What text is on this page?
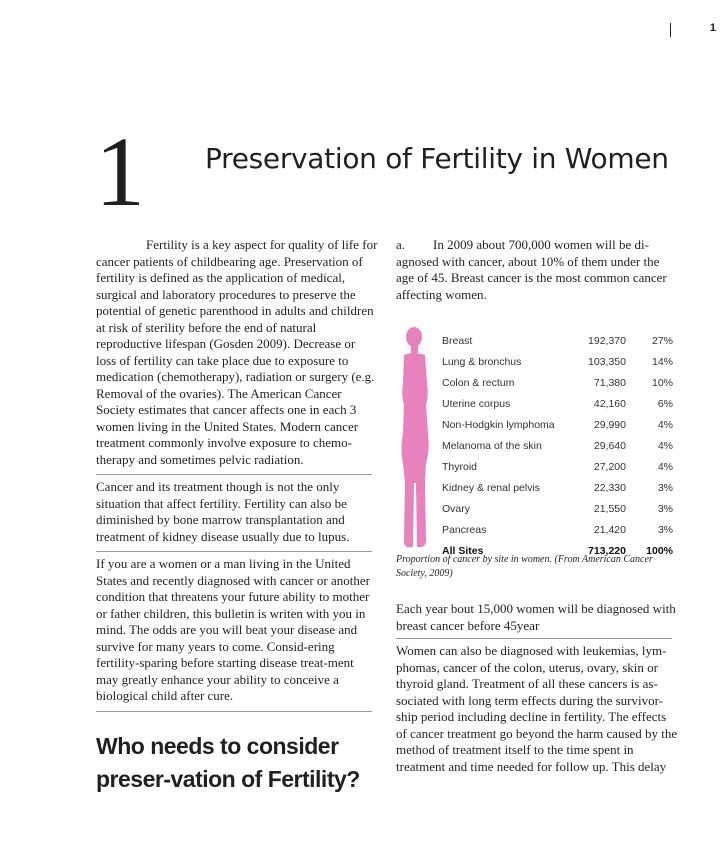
1
1 Preservation of Fertility in Women

Fertility is a key aspect for quality of life for cancer patients of childbearing age. Preservation of fertility is defined as the application of medical, surgical and laboratory procedures to preserve the potential of genetic parenthood in adults and children at risk of sterility before the end of natural reproductive lifespan (Gosden 2009). Decrease or loss of fertility can take place due to exposure to medication (chemotherapy), radiation or surgery (e.g. Removal of the ovaries). The American Cancer Society estimates that cancer affects one in each 3 women living in the United States. Modern cancer treatment commonly involve exposure to chemo-therapy and sometimes pelvic radiation.

Cancer and its treatment though is not the only situation that affect fertility. Fertility can also be diminished by bone marrow transplantation and treatment of kidney disease usually due to lupus.

If you are a women or a man living in the United States and recently diagnosed with cancer or another condition that threatens your future ability to mother or father children, this bulletin is writen with you in mind. The odds are you will beat your disease and survive for many years to come. Consid-ering fertility-sparing before starting disease treat-ment may greatly enhance your ability to conceive a biological child after cure.

Who needs to consider preser-vation of Fertility?

a. In 2009 about 700,000 women will be di-agnosed with cancer, about 10% of them under the age of 45. Breast cancer is the most common cancer affecting women.

Breast	192,370 27%
Lung & bronchus	103,350 14%
Colon & rectum	71,380 10%
Uterine corpus	42,160	6%
Non-Hodgkin lymphoma	29,990	4%
Melanoma of the skin	29,640	4%
Thyroid	27,200	4%
Kidney & renal pelvis	22,330	3%
Ovary	21,550	3%
Pancreas	21,420	3%
All Sites	713,220 100%

Proportion of cancer by site in women. (From American Cancer Society, 2009)

Each year bout 15,000 women will be diagnosed with breast cancer before 45year

Women can also be diagnosed with leukemias, lym-phomas, cancer of the colon, uterus, ovary, skin or thyroid gland. Treatment of all these cancers is as-sociated with long term effects during the survivor-ship period including decline in fertility. The effects of cancer treatment go beyond the harm caused by the method of treatment itself to the time spent in treatment and time needed for follow up. This delay
